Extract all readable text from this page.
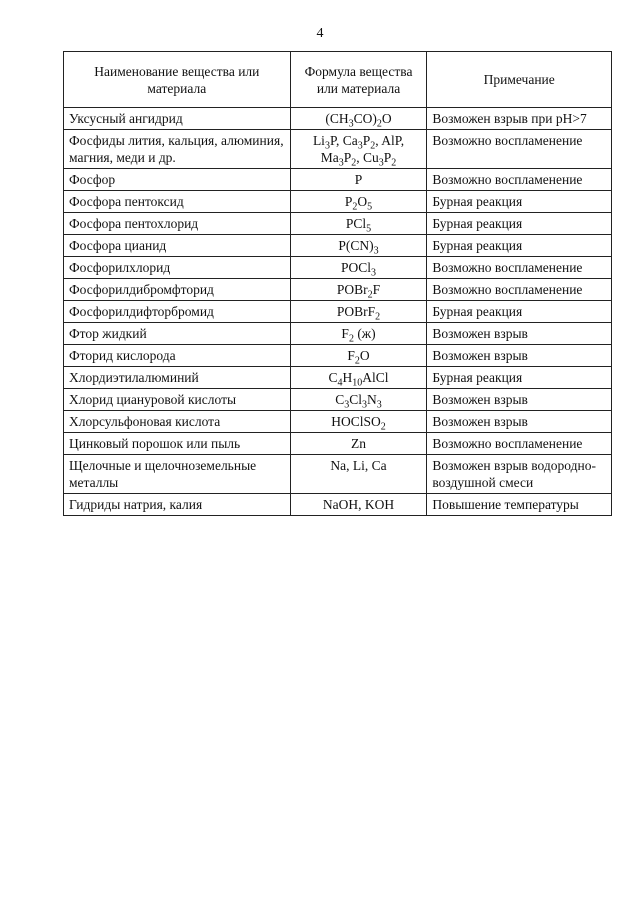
4
Наименование вещества или материала	Формула вещества или материала	Примечание
Уксусный ангидрид	$(CH_3CO)_2O$	Возможен взрыв при pH>7
Фосфиды лития, кальция, алюминия, магния, меди и др.	$Li_3P$, $Ca_3P_2$, AlP, $Ma_3P_2$, $Cu_3P_2$	Возможно воспламенение
Фосфор	P	Возможно воспламенение
Фосфора пентоксид	$P_2O_5$	Бурная реакция
Фосфора пентохлорид	PCl$_5$	Бурная реакция
Фосфора цианид	$P(CN)_3$	Бурная реакция
Фосфорилхлорид	POCl$_3$	Возможно воспламенение
Фосфорилдибромфторид	POBr$_2$F	Возможно воспламенение
Фосфорилдифторбромид	POBrF$_2$	Бурная реакция
Фтор жидкий	$F_2$ (ж)	Возможен взрыв
Фторид кислорода	$F_2O$	Возможен взрыв
Хлордиэтилалюминий	$C_4H_{10}AlCl$	Бурная реакция
Хлорид циануровой кислоты	$C_3Cl_3N_3$	Возможен взрыв
Хлорсульфоновая кислота	HOClSO$_2$	Возможен взрыв
Цинковый порошок или пыль	Zn	Возможно воспламенение
Щелочные и щелочноземельные металлы	Na, Li, Ca	Возможен взрыв водородно-воздушной смеси
Гидриды натрия, калия	NaOH, KOH	Повышение температуры
